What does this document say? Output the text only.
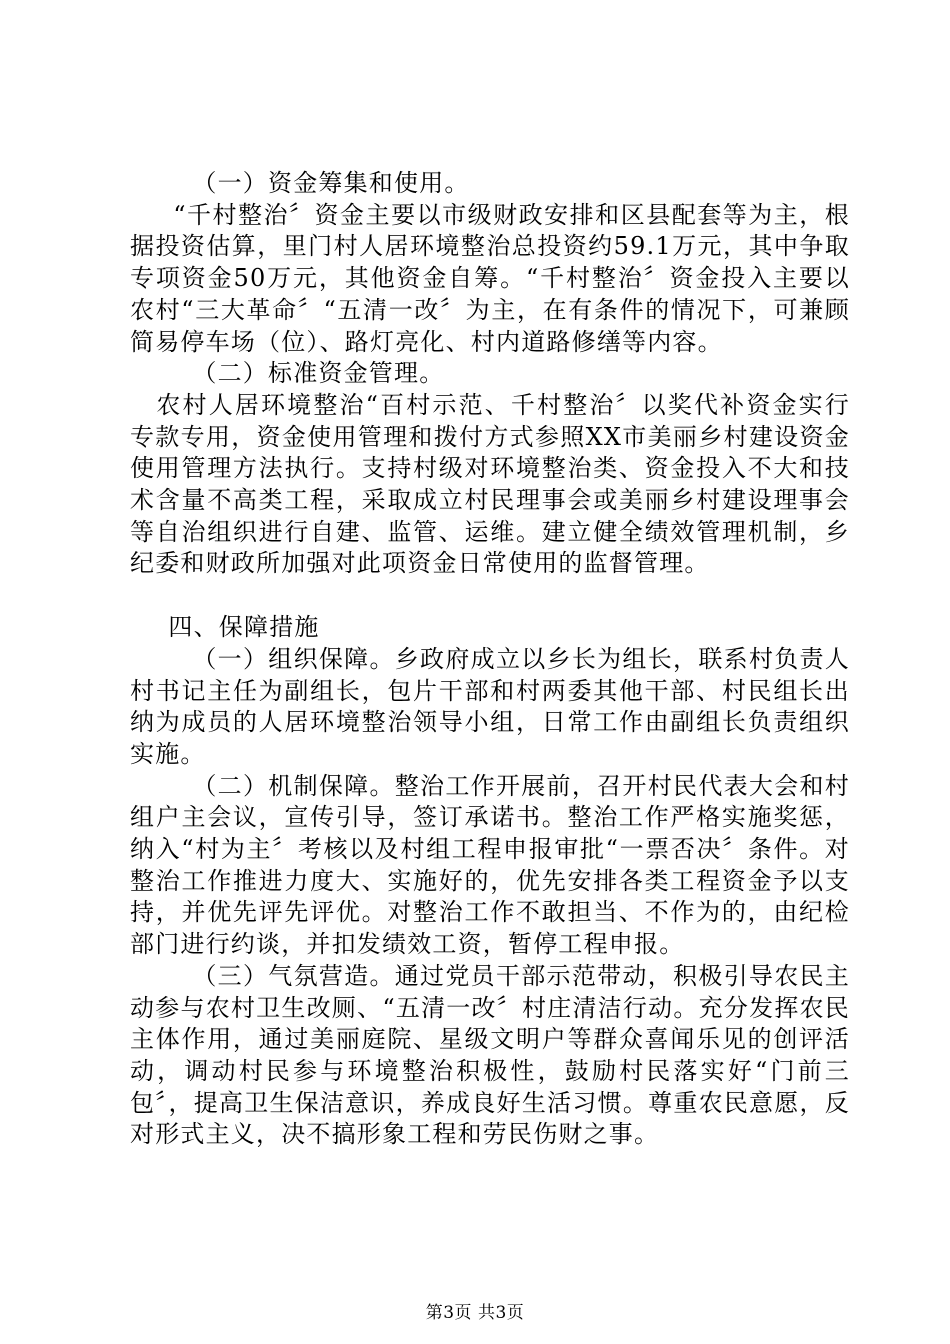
（一）资金筹集和使用。

“千村整治〞资金主要以市级财政安排和区县配套等为主，根据投资估算，里门村人居环境整治总投资约59.1万元，其中争取专项资金50万元，其他资金自筹。“千村整治〞资金投入主要以农村“三大革命〞“五清一改〞为主，在有条件的情况下，可兼顾简易停车场（位）、路灯亮化、村内道路修缮等内容。

（二）标准资金管理。

农村人居环境整治“百村示范、千村整治〞以奖代补资金实行专款专用，资金使用管理和拨付方式参照XX市美丽乡村建设资金使用管理方法执行。支持村级对环境整治类、资金投入不大和技术含量不高类工程，采取成立村民理事会或美丽乡村建设理事会等自治组织进行自建、监管、运维。建立健全绩效管理机制，乡纪委和财政所加强对此项资金日常使用的监督管理。

四、保障措施

（一）组织保障。乡政府成立以乡长为组长，联系村负责人村书记主任为副组长，包片干部和村两委其他干部、村民组长出纳为成员的人居环境整治领导小组，日常工作由副组长负责组织实施。

（二）机制保障。整治工作开展前，召开村民代表大会和村组户主会议，宣传引导，签订承诺书。整治工作严格实施奖惩，纳入“村为主〞考核以及村组工程申报审批“一票否决〞条件。对整治工作推进力度大、实施好的，优先安排各类工程资金予以支持，并优先评先评优。对整治工作不敢担当、不作为的，由纪检部门进行约谈，并扣发绩效工资，暂停工程申报。

（三）气氛营造。通过党员干部示范带动，积极引导农民主动参与农村卫生改厕、“五清一改〞村庄清洁行动。充分发挥农民主体作用，通过美丽庭院、星级文明户等群众喜闻乐见的创评活动，调动村民参与环境整治积极性，鼓励村民落实好“门前三包〞，提高卫生保洁意识，养成良好生活习惯。尊重农民意愿，反对形式主义，决不搞形象工程和劳民伤财之事。

第3页 共3页
